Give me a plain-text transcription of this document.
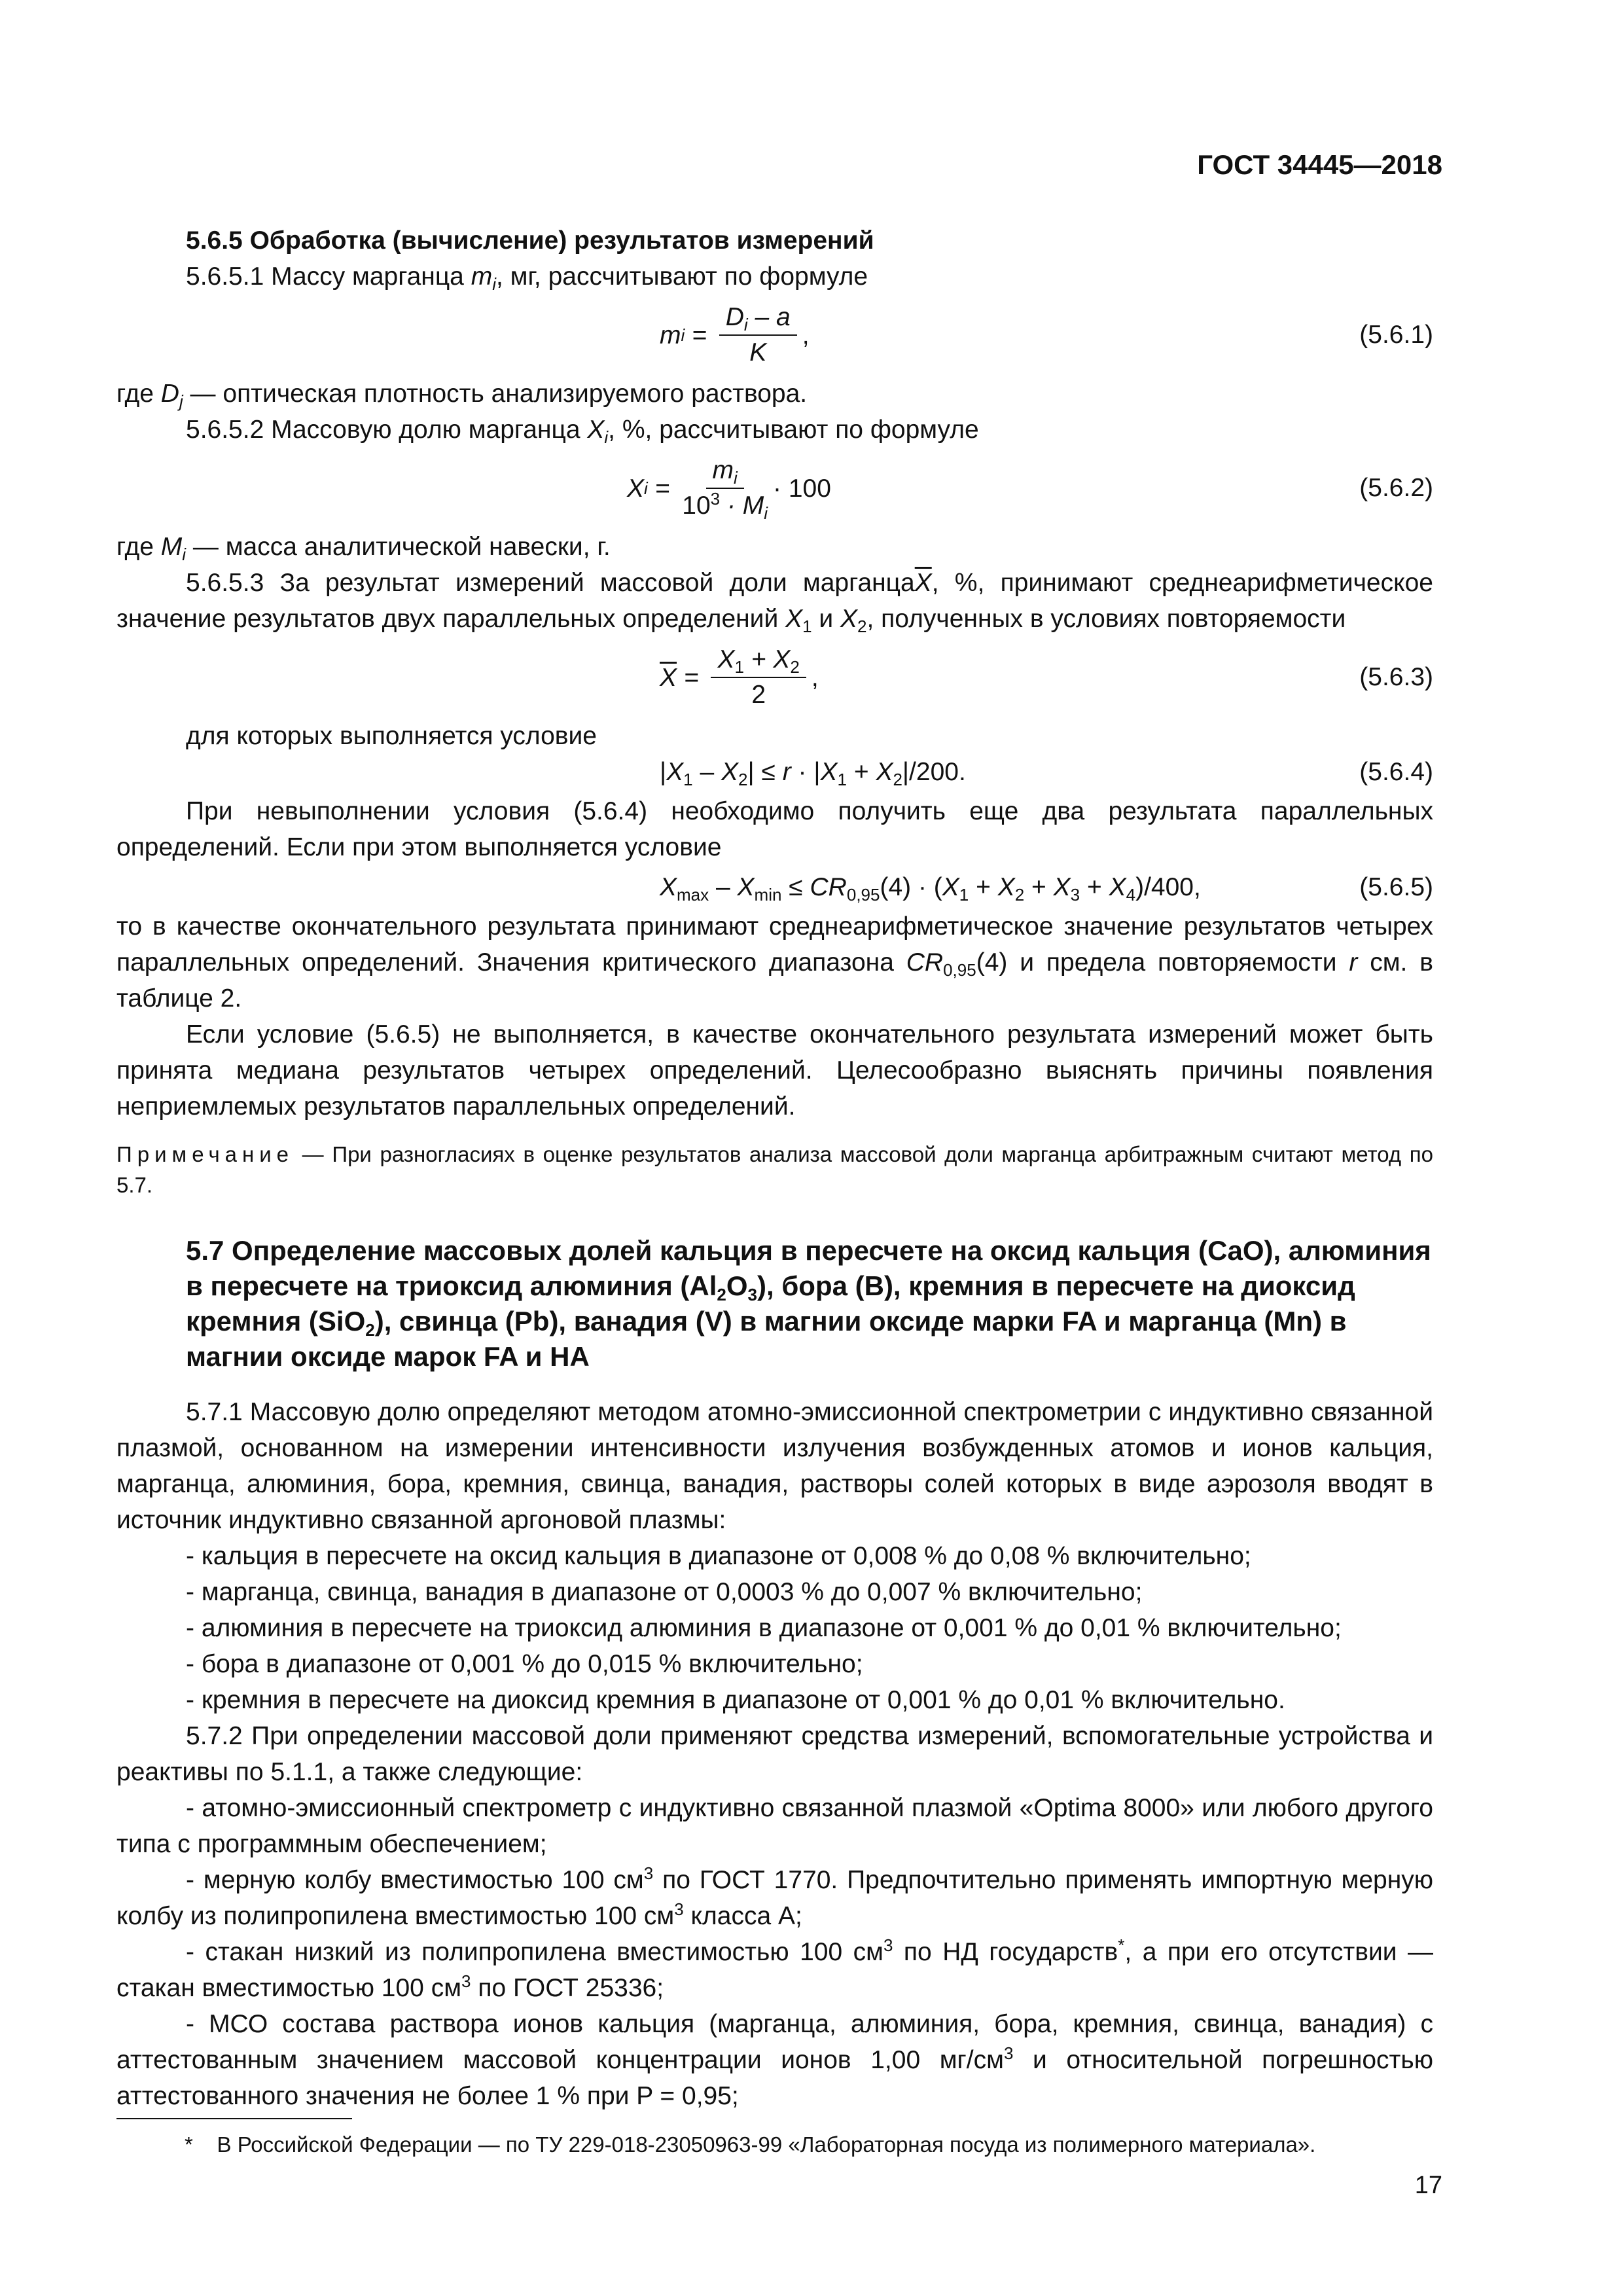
ГОСТ 34445—2018

5.6.5 Обработка (вычисление) результатов измерений

5.6.5.1 Массу марганца $m_i$, мг, рассчитывают по формуле

m $i = \frac{D_i - a}{K}$ ,	(5.6.1)

где $D_j$ — оптическая плотность анализируемого раствора.

5.6.5.2 Массовую долю марганца $X_i$, %, рассчитывают по формуле

X $i = \frac{m_i}{10^3 \cdot M_i} \cdot 100$	(5.6.2)

где $M_i$ — масса аналитической навески, г.

5.6.5.3 За результат измерений массовой доли $марганца\overline{X}$, %, принимают среднеарифметическое значение результатов двух параллельных определений $X_1$ и $X_2$, полученных в условиях повторяемости

$\overline{X} = \frac{X_1 + X_2}{2}$ ,	(5.6.3)

для которых выполняется условие

$|X_1 - X_2| \le r \cdot |X_1 + X_2|/200$.	(5.6.4)

При невыполнении условия (5.6.4) необходимо получить еще два результата параллельных определений. Если при этом выполняется условие

$X_{max} - X_{min} \le CR_{0,95}(4) \cdot (X_1 + X_2 + X_3 + X_4)/400$,	(5.6.5)

то в качестве окончательного результата принимают среднеарифметическое значение результатов четырех параллельных определений. Значения критического диапазона $CR_{0,95}(4)$ и предела повторяемости r см. в таблице 2.

Если условие (5.6.5) не выполняется, в качестве окончательного результата измерений может быть принята медиана результатов четырех определений. Целесообразно выяснять причины появления неприемлемых результатов параллельных определений.

Примечание — При разногласиях в оценке результатов анализа массовой доли марганца арбитражным считают метод по 5.7.

5.7 Определение массовых долей кальция в пересчете на оксид кальция (CaO), алюминия в пересчете на триоксид алюминия $(Al_2O_3)$, бора (B), кремния в пересчете на диоксид кремния (SiO$_2$), свинца (Pb), ванадия (V) в магнии оксиде марки FA и марганца (Mn) в магнии оксиде марок FA и HA

5.7.1 Массовую долю определяют методом атомно-эмиссионной спектрометрии с индуктивно связанной плазмой, основанном на измерении интенсивности излучения возбужденных атомов и ионов кальция, марганца, алюминия, бора, кремния, свинца, ванадия, растворы солей которых в виде аэрозоля вводят в источник индуктивно связанной аргоновой плазмы:

- кальция в пересчете на оксид кальция в диапазоне от 0,008 % до 0,08 % включительно;

- марганца, свинца, ванадия в диапазоне от 0,0003 % до 0,007 % включительно;

- алюминия в пересчете на триоксид алюминия в диапазоне от 0,001 % до 0,01 % включительно;

- бора в диапазоне от 0,001 % до 0,015 % включительно;

- кремния в пересчете на диоксид кремния в диапазоне от 0,001 % до 0,01 % включительно.

5.7.2 При определении массовой доли применяют средства измерений, вспомогательные устройства и реактивы по 5.1.1, а также следующие:

- атомно-эмиссионный спектрометр с индуктивно связанной плазмой «Optima 8000» или любого другого типа с программным обеспечением;

- мерную колбу вместимостью 100 $см^3$ по ГОСТ 1770. Предпочтительно применять импортную мерную колбу из полипропилена вместимостью 100 $см^3$ класса А;

- стакан низкий из полипропилена вместимостью 100 $см^3$ по НД государств*, а при его отсутствии — стакан вместимостью 100 $см^3$ по ГОСТ 25336;

- МСО состава раствора ионов кальция (марганца, алюминия, бора, кремния, свинца, ванадия) с аттестованным значением массовой концентрации ионов 1,00 $мг/см^3$ и относительной погрешностью аттестованного значения не более 1 % при P = 0,95;

* В Российской Федерации — по ТУ 229-018-23050963-99 «Лабораторная посуда из полимерного материала».
17
